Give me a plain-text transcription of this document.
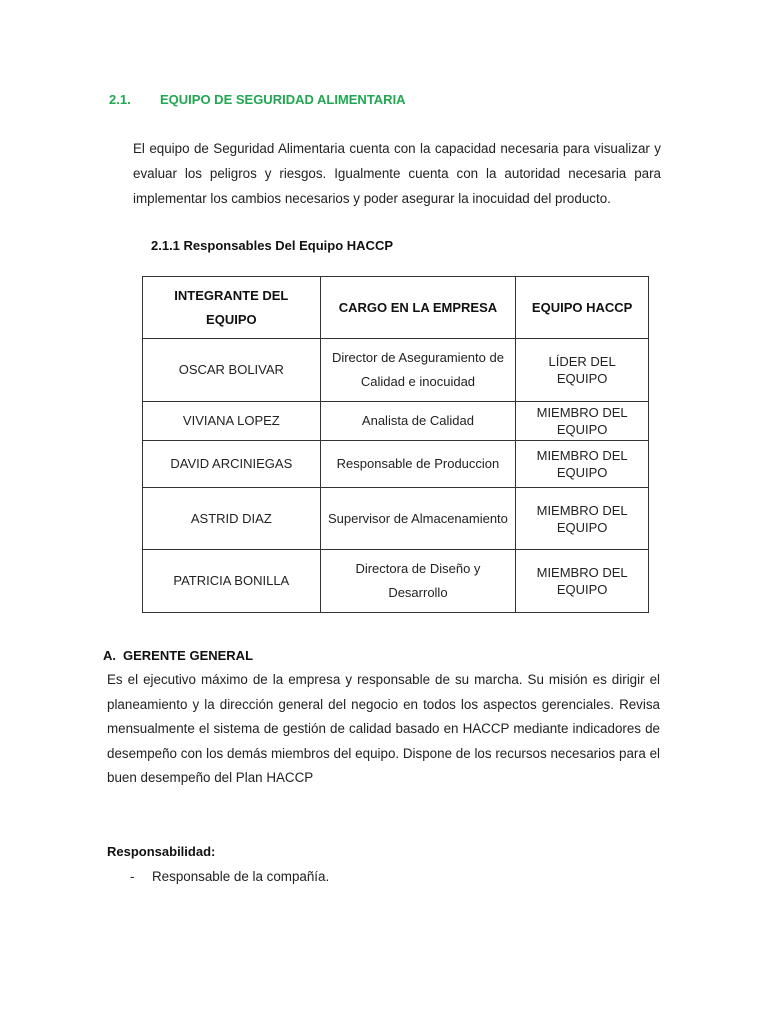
2.1. EQUIPO DE SEGURIDAD ALIMENTARIA

El equipo de Seguridad Alimentaria cuenta con la capacidad necesaria para visualizar y evaluar los peligros y riesgos. Igualmente cuenta con la autoridad necesaria para implementar los cambios necesarios y poder asegurar la inocuidad del producto.

2.1.1 Responsables Del Equipo HACCP
INTEGRANTE DEL EQUIPO	CARGO EN LA EMPRESA	EQUIPO HACCP
OSCAR BOLIVAR	Director de Aseguramiento de Calidad e inocuidad	LÍDER DEL EQUIPO
VIVIANA LOPEZ	Analista de Calidad	MIEMBRO DEL EQUIPO
DAVID ARCINIEGAS	Responsable de Produccion	MIEMBRO DEL EQUIPO
ASTRID DIAZ	Supervisor de Almacenamiento	MIEMBRO DEL EQUIPO
PATRICIA BONILLA	Directora de Diseño y Desarrollo	MIEMBRO DEL EQUIPO
A. GERENTE GENERAL

Es el ejecutivo máximo de la empresa y responsable de su marcha. Su misión es dirigir el planeamiento y la dirección general del negocio en todos los aspectos gerenciales. Revisa mensualmente el sistema de gestión de calidad basado en HACCP mediante indicadores de desempeño con los demás miembros del equipo. Dispone de los recursos necesarios para el buen desempeño del Plan HACCP

Responsabilidad:
- Responsable de la compañía.
